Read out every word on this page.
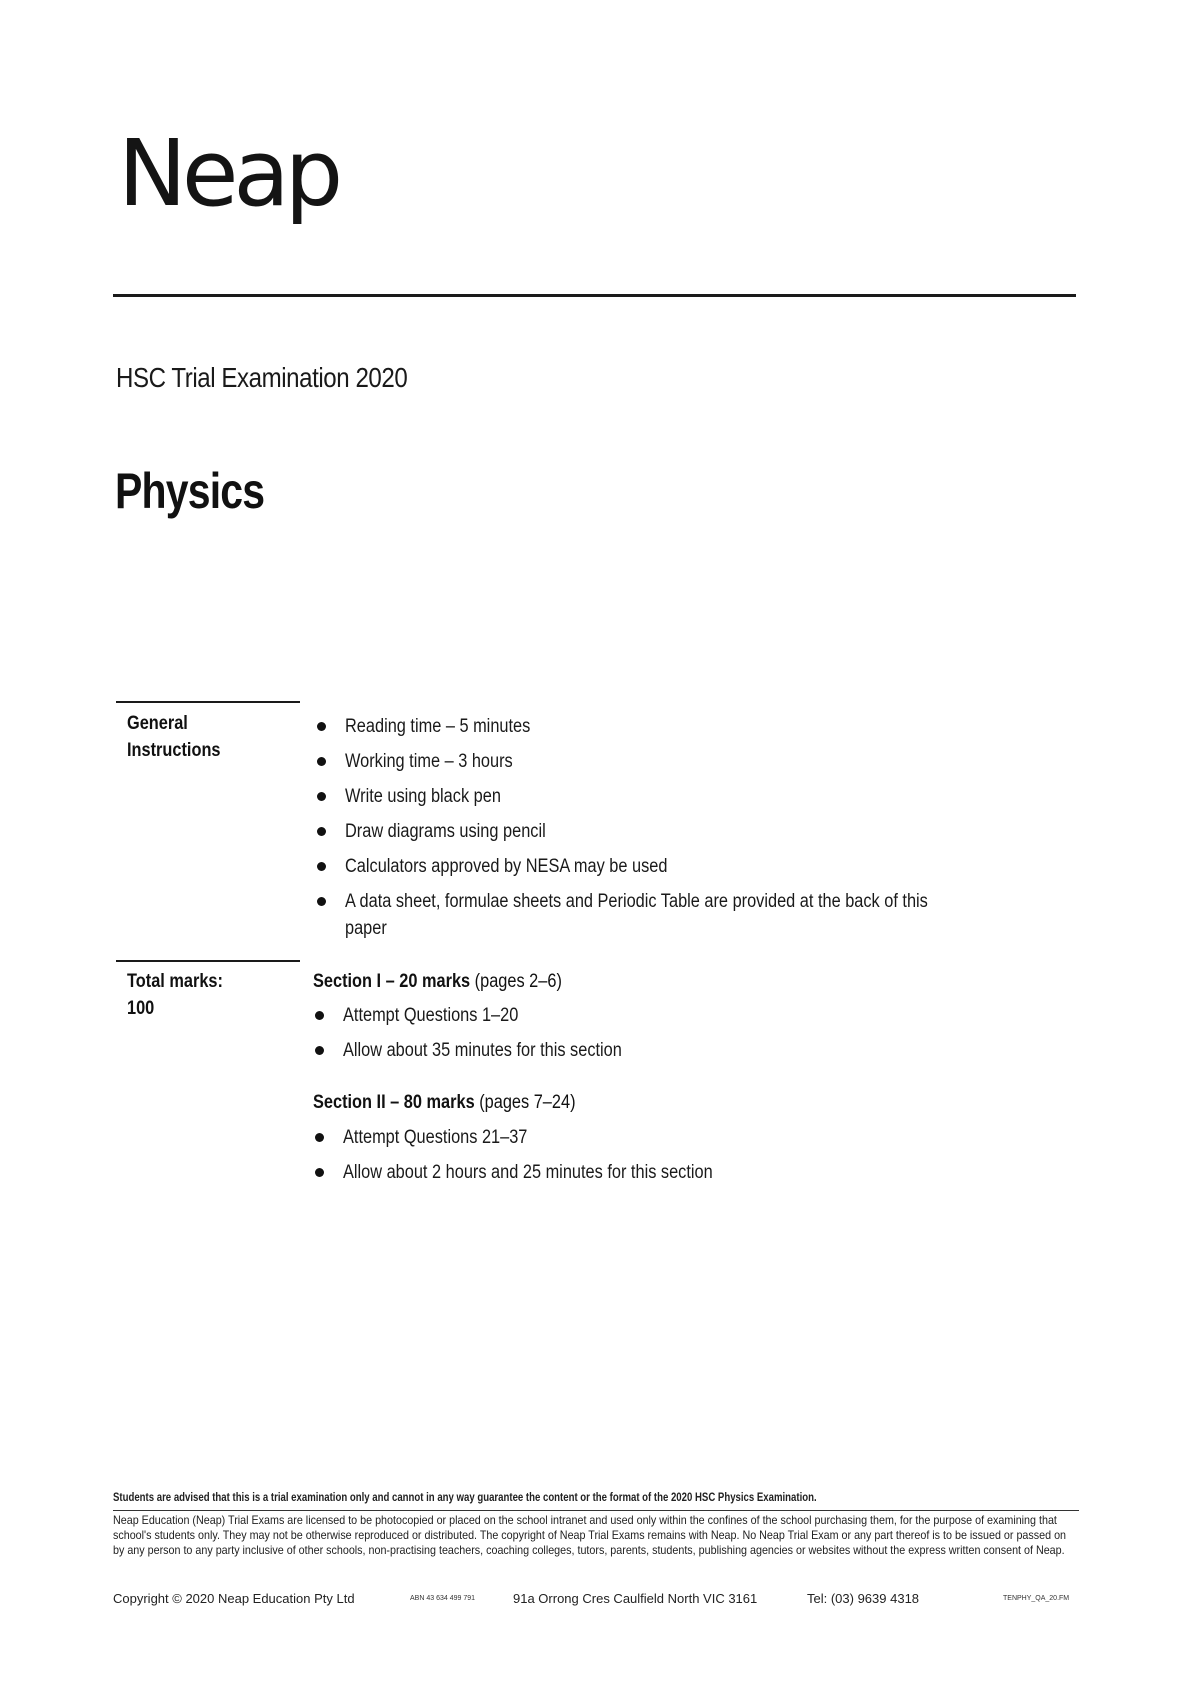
Neap
HSC Trial Examination 2020
Physics
General
Instructions
Reading time – 5 minutes
Working time – 3 hours
Write using black pen
Draw diagrams using pencil
Calculators approved by NESA may be used
A data sheet, formulae sheets and Periodic Table are provided at the back of this paper
Total marks:
100
Section I – 20 marks (pages 2–6)
Attempt Questions 1–20
Allow about 35 minutes for this section
Section II – 80 marks (pages 7–24)
Attempt Questions 21–37
Allow about 2 hours and 25 minutes for this section
Students are advised that this is a trial examination only and cannot in any way guarantee the content or the format of the 2020 HSC Physics Examination.
Neap Education (Neap) Trial Exams are licensed to be photocopied or placed on the school intranet and used only within the confines of the school purchasing them, for the purpose of examining that school's students only. They may not be otherwise reproduced or distributed. The copyright of Neap Trial Exams remains with Neap. No Neap Trial Exam or any part thereof is to be issued or passed on by any person to any party inclusive of other schools, non-practising teachers, coaching colleges, tutors, parents, students, publishing agencies or websites without the express written consent of Neap.
Copyright © 2020 Neap Education Pty Ltd	ABN 43 634 499 791	91a Orrong Cres Caulfield North VIC 3161	Tel: (03) 9639 4318	TENPHY_QA_20.FM
